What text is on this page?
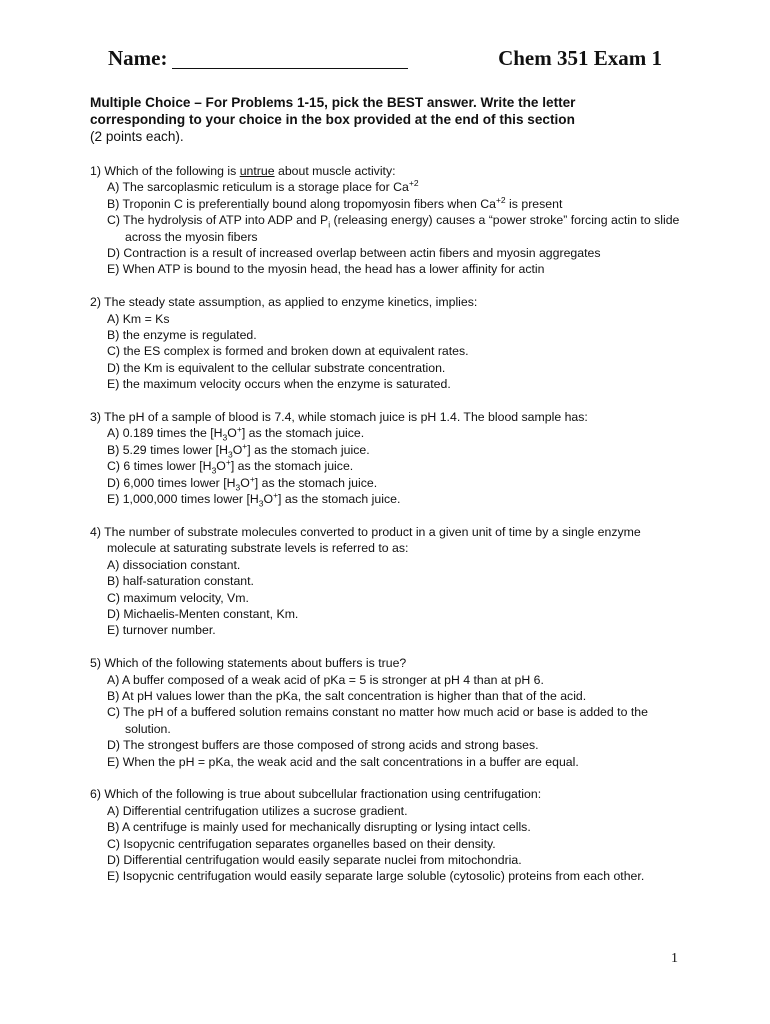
Name:	Chem 351 Exam 1
Multiple Choice – For Problems 1-15, pick the BEST answer. Write the letter
corresponding to your choice in the box provided at the end of this section
(2 points each).
1) Which of the following is untrue about muscle activity:
A) The sarcoplasmic reticulum is a storage place for $Ca^{+2}$
B) Troponin C is preferentially bound along tropomyosin fibers when $Ca^{+2}$ is present
C) The hydrolysis of ATP into ADP and $P_i$ (releasing energy) causes a “power stroke” forcing actin to slide across the myosin fibers
D) Contraction is a result of increased overlap between actin fibers and myosin aggregates
E) When ATP is bound to the myosin head, the head has a lower affinity for actin
2) The steady state assumption, as applied to enzyme kinetics, implies:
A) Km = Ks
B) the enzyme is regulated.
C) the ES complex is formed and broken down at equivalent rates.
D) the Km is equivalent to the cellular substrate concentration.
E) the maximum velocity occurs when the enzyme is saturated.
3) The pH of a sample of blood is 7.4, while stomach juice is pH 1.4. The blood sample has:
A) 0.189 times the $[H_3O^+]$ as the stomach juice.
B) 5.29 times lower $[H_3O^+]$ as the stomach juice.
C) 6 times lower $[H_3O^+]$ as the stomach juice.
D) 6,000 times lower $[H_3O^+]$ as the stomach juice.
E) 1,000,000 times lower $[H_3O^+]$ as the stomach juice.
4) The number of substrate molecules converted to product in a given unit of time by a single enzyme molecule at saturating substrate levels is referred to as:
A) dissociation constant.
B) half-saturation constant.
C) maximum velocity, Vm.
D) Michaelis-Menten constant, Km.
E) turnover number.
5) Which of the following statements about buffers is true?
A) A buffer composed of a weak acid of pKa = 5 is stronger at pH 4 than at pH 6.
B) At pH values lower than the pKa, the salt concentration is higher than that of the acid.
C) The pH of a buffered solution remains constant no matter how much acid or base is added to the solution.
D) The strongest buffers are those composed of strong acids and strong bases.
E) When the pH = pKa, the weak acid and the salt concentrations in a buffer are equal.
6) Which of the following is true about subcellular fractionation using centrifugation:
A) Differential centrifugation utilizes a sucrose gradient.
B) A centrifuge is mainly used for mechanically disrupting or lysing intact cells.
C) Isopycnic centrifugation separates organelles based on their density.
D) Differential centrifugation would easily separate nuclei from mitochondria.
E) Isopycnic centrifugation would easily separate large soluble (cytosolic) proteins from each other.
1
